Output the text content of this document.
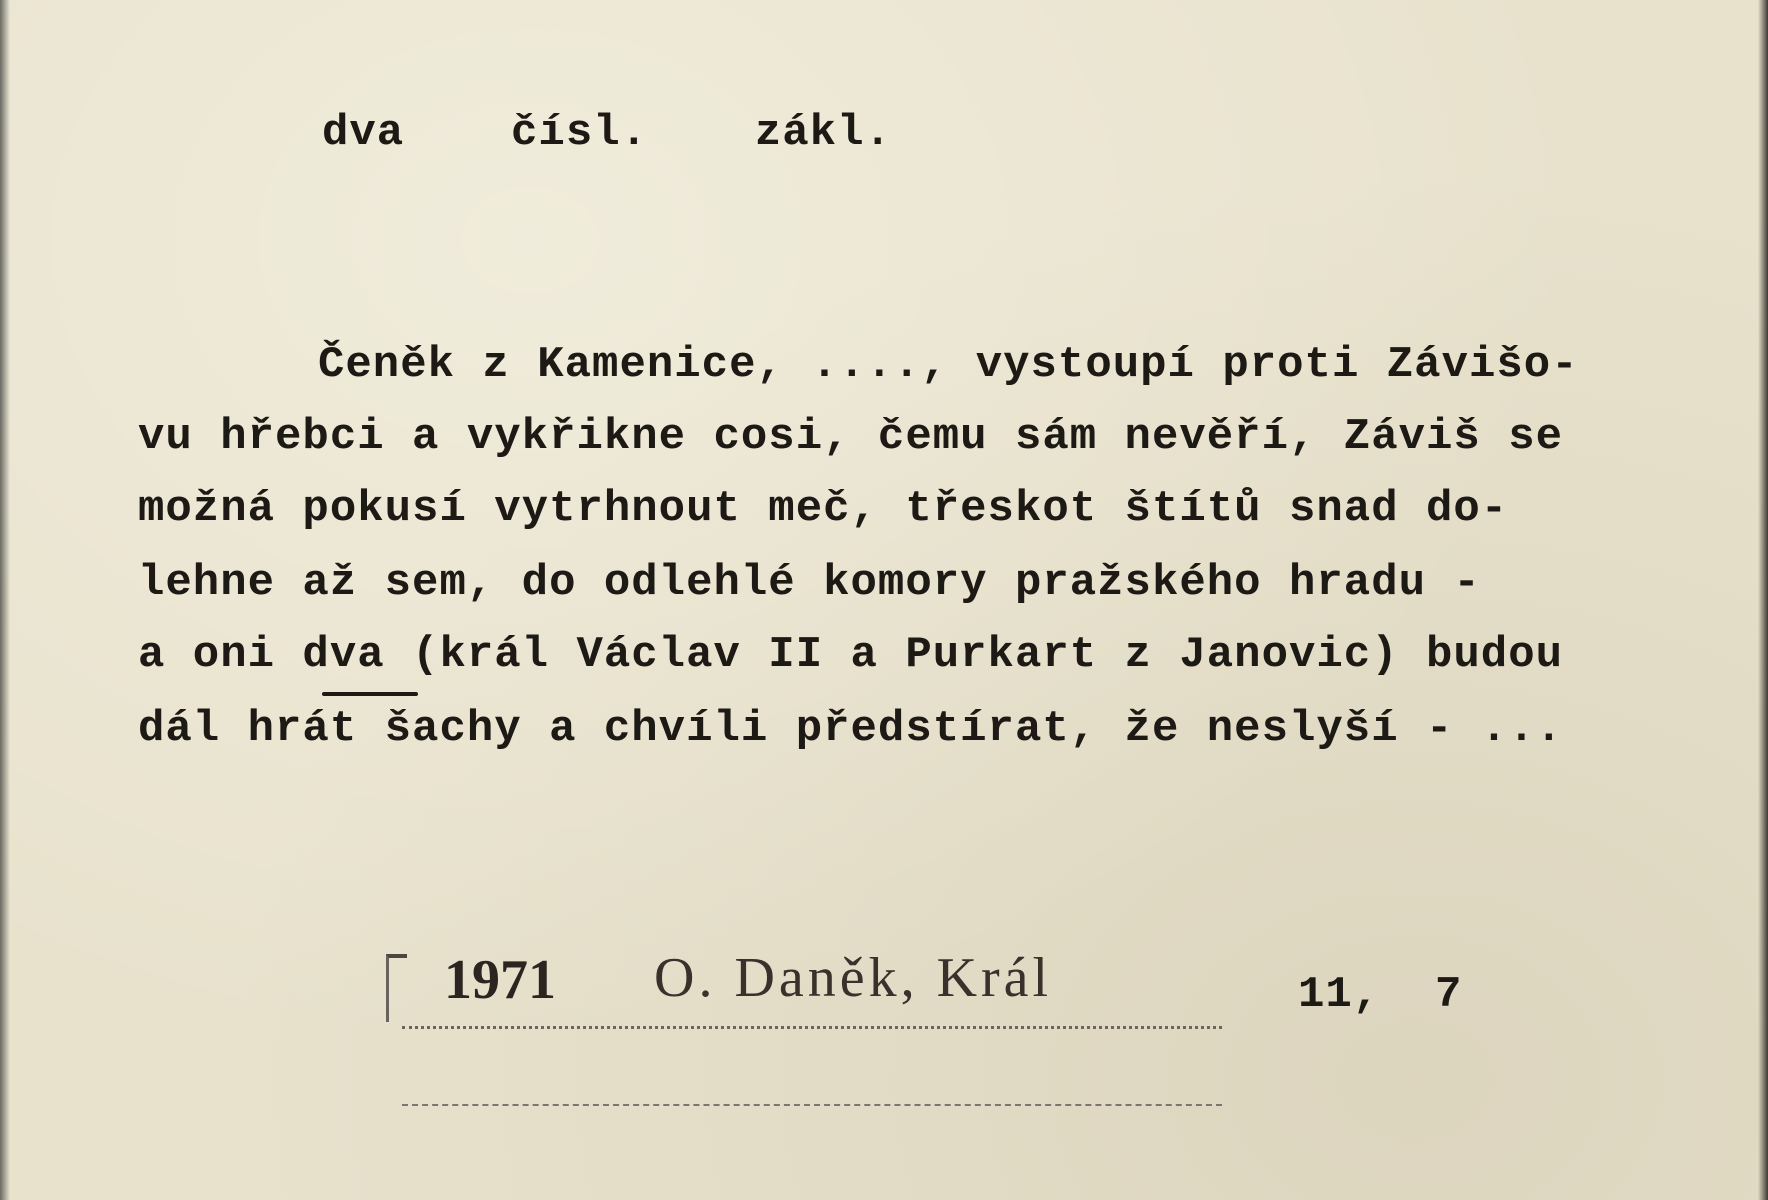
dva  čísl.  zákl.
Čeněk z Kamenice, ...., vystoupí proti Závišo-
vu hřebci a vykřikne cosi, čemu sám nevěří, Záviš se
možná pokusí vytrhnout meč, třeskot štítů snad do-
lehne až sem, do odlehlé komory pražského hradu -
a oni dva (král Václav II a Purkart z Janovic) budou
dál hrát šachy a chvíli předstírat, že neslyší - ...
1971 O. Daněk, Král	11,  7
